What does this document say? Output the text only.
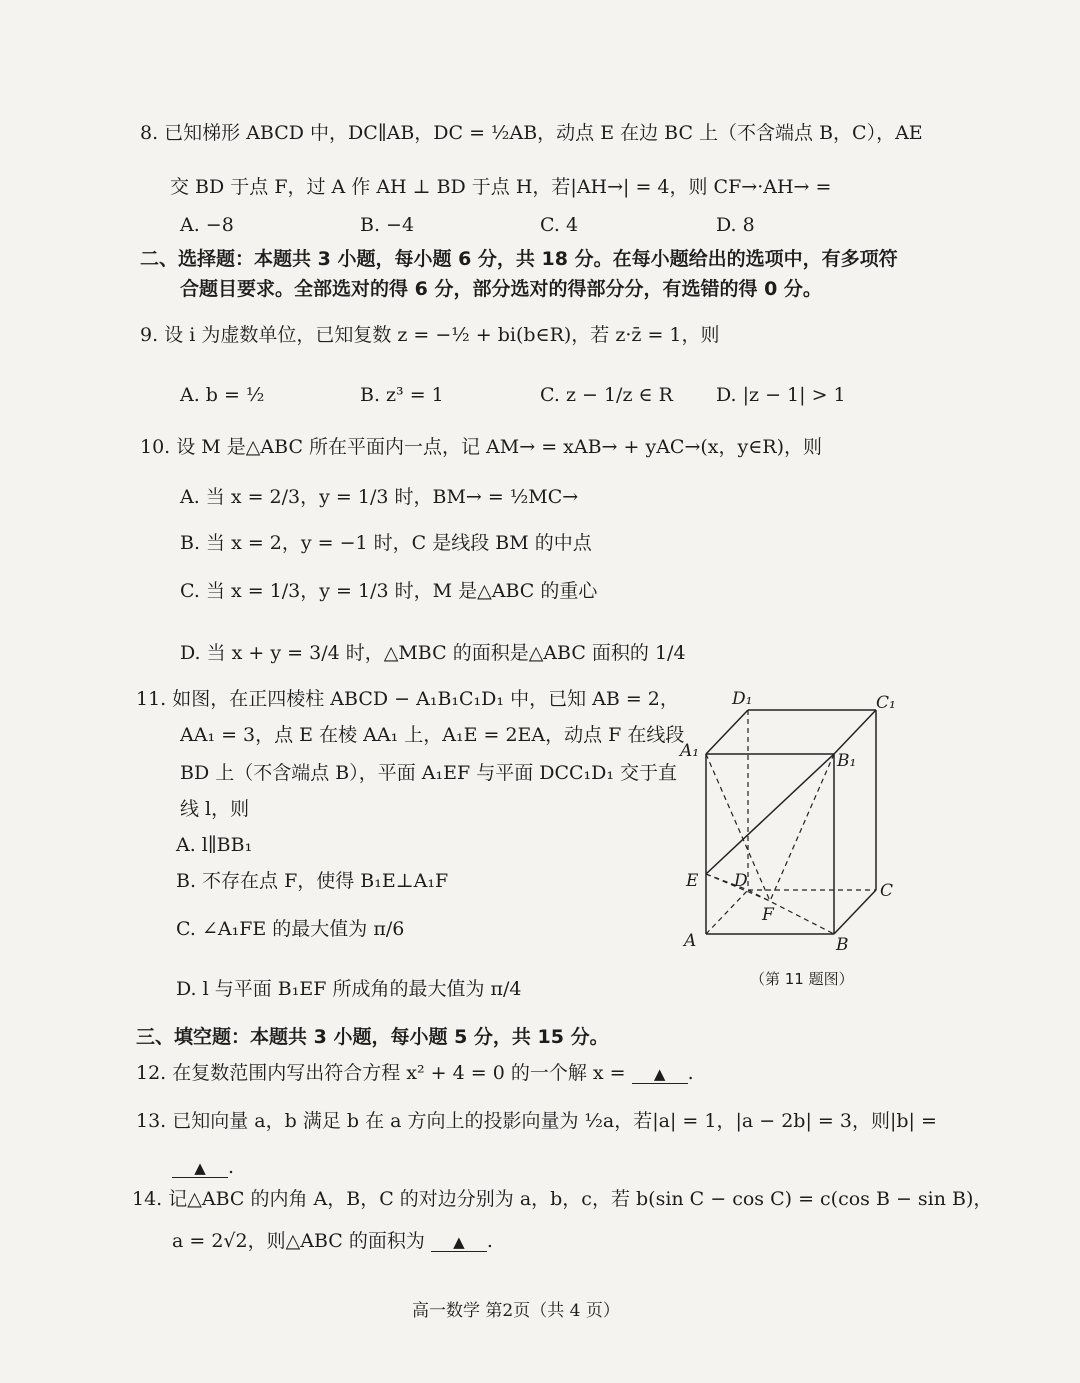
8. 已知梯形 ABCD 中，DC∥AB，DC = ½AB，动点 E 在边 BC 上（不含端点 B，C），AE
交 BD 于点 F，过 A 作 AH ⊥ BD 于点 H，若|AH→| = 4，则 CF→·AH→ =
A. −8	B. −4	C. 4	D. 8
二、选择题：本题共 3 小题，每小题 6 分，共 18 分。在每小题给出的选项中，有多项符
合题目要求。全部选对的得 6 分，部分选对的得部分分，有选错的得 0 分。
9. 设 i 为虚数单位，已知复数 z = −½ + bi(b∈R)，若 z·z̄ = 1，则
A. b = ½	B. z³ = 1	C. z − 1/z ∈ R D. |z − 1| > 1
10. 设 M 是△ABC 所在平面内一点，记 AM→ = xAB→ + yAC→(x，y∈R)，则
A. 当 x = 2/3，y = 1/3 时，BM→ = ½MC→
B. 当 x = 2，y = −1 时，C 是线段 BM 的中点
C. 当 x = 1/3，y = 1/3 时，M 是△ABC 的重心
D. 当 x + y = 3/4 时，△MBC 的面积是△ABC 面积的 1/4
11. 如图，在正四棱柱 ABCD − A₁B₁C₁D₁ 中，已知 AB = 2，
AA₁ = 3，点 E 在棱 AA₁ 上，A₁E = 2EA，动点 F 在线段
BD 上（不含端点 B），平面 A₁EF 与平面 DCC₁D₁ 交于直
线 l，则
A. l∥BB₁
B. 不存在点 F，使得 B₁E⊥A₁F
C. ∠A₁FE 的最大值为 π/6
D. l 与平面 B₁EF 所成角的最大值为 π/4
D₁	C₁
A₁	B₁
E D
F
C
A	B
（第 11 题图）
三、填空题：本题共 3 小题，每小题 5 分，共 15 分。
12. 在复数范围内写出符合方程 x² + 4 = 0 的一个解 x = ▲ .
13. 已知向量 a，b 满足 b 在 a 方向上的投影向量为 ½a，若|a| = 1，|a − 2b| = 3，则|b| =
▲ .
14. 记△ABC 的内角 A，B，C 的对边分别为 a，b，c，若 b(sin C − cos C) = c(cos B − sin B)，
a = 2√2，则△ABC 的面积为 ▲ .
高一数学 第2页（共 4 页）
